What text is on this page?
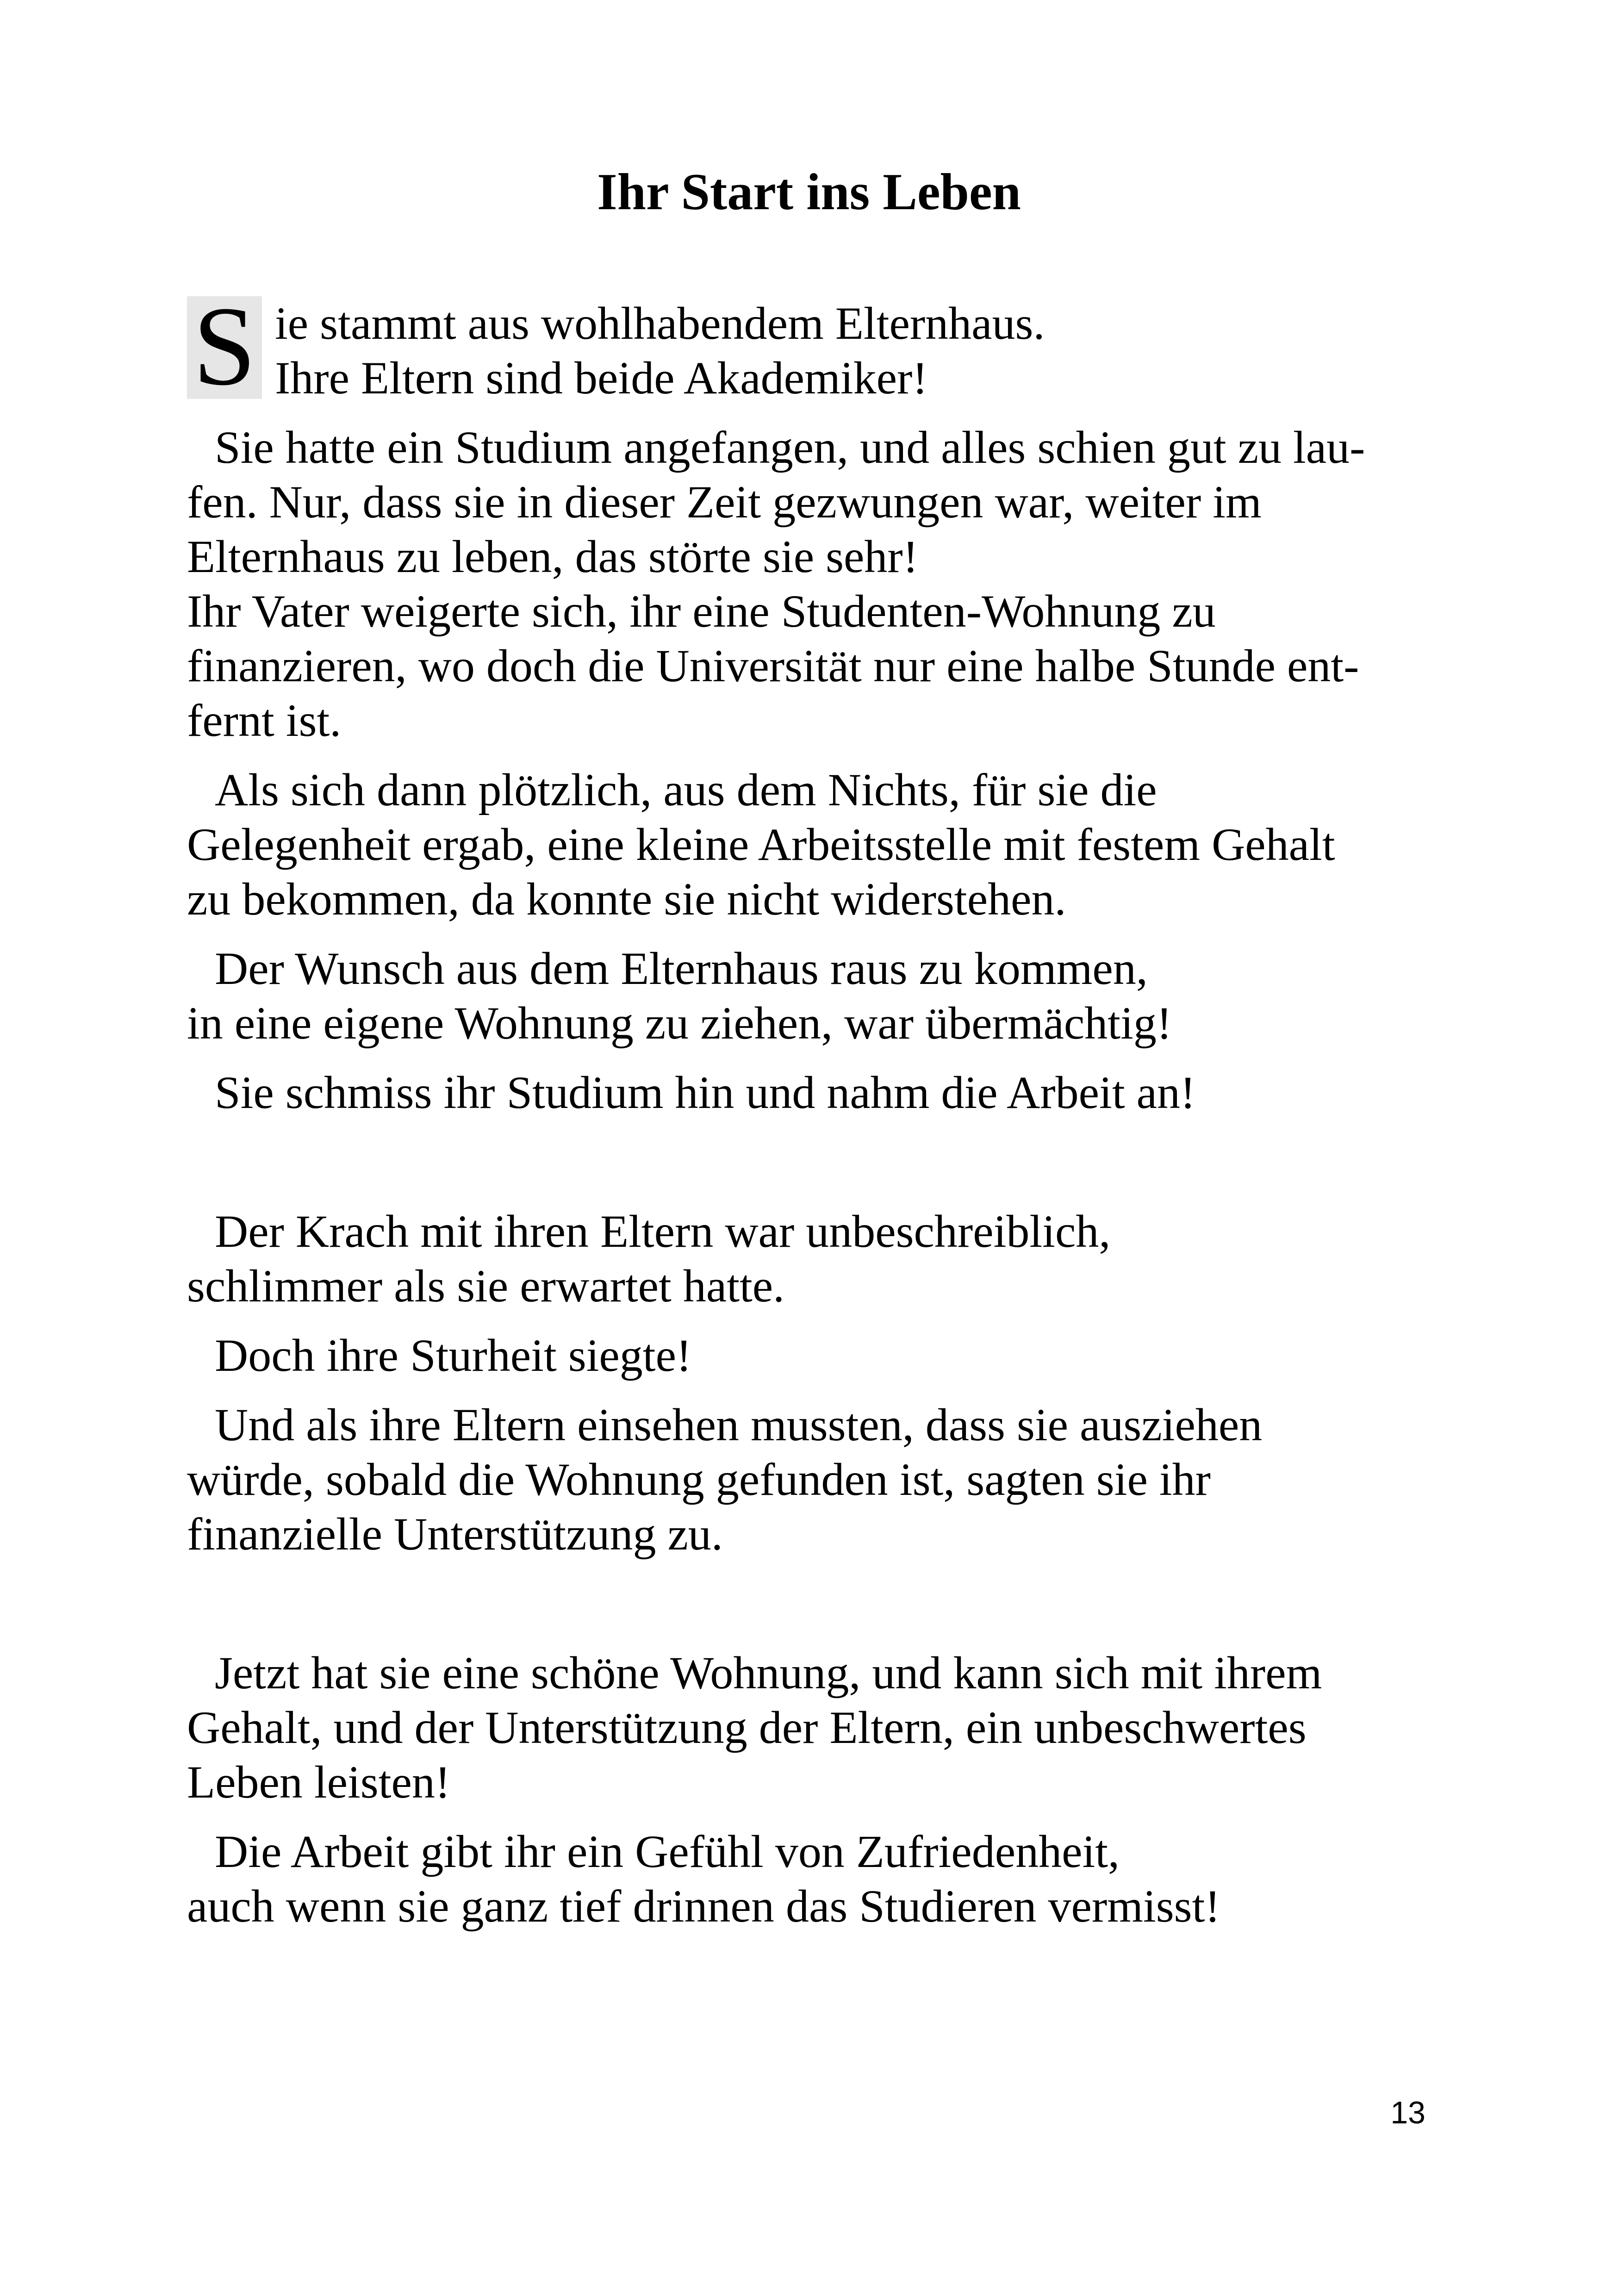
Ihr Start ins Leben

S ie stammt aus wohlhabendem Elternhaus.
Ihre Eltern sind beide Akademiker!

Sie hatte ein Studium angefangen, und alles schien gut zu lau-
fen. Nur, dass sie in dieser Zeit gezwungen war, weiter im
Elternhaus zu leben, das störte sie sehr!
Ihr Vater weigerte sich, ihr eine Studenten-Wohnung zu
finanzieren, wo doch die Universität nur eine halbe Stunde ent-
fernt ist.

Als sich dann plötzlich, aus dem Nichts, für sie die
Gelegenheit ergab, eine kleine Arbeitsstelle mit festem Gehalt
zu bekommen, da konnte sie nicht widerstehen.

Der Wunsch aus dem Elternhaus raus zu kommen,
in eine eigene Wohnung zu ziehen, war übermächtig!

Sie schmiss ihr Studium hin und nahm die Arbeit an!

Der Krach mit ihren Eltern war unbeschreiblich,
schlimmer als sie erwartet hatte.

Doch ihre Sturheit siegte!

Und als ihre Eltern einsehen mussten, dass sie ausziehen
würde, sobald die Wohnung gefunden ist, sagten sie ihr
finanzielle Unterstützung zu.

Jetzt hat sie eine schöne Wohnung, und kann sich mit ihrem
Gehalt, und der Unterstützung der Eltern, ein unbeschwertes
Leben leisten!

Die Arbeit gibt ihr ein Gefühl von Zufriedenheit,
auch wenn sie ganz tief drinnen das Studieren vermisst!

13
